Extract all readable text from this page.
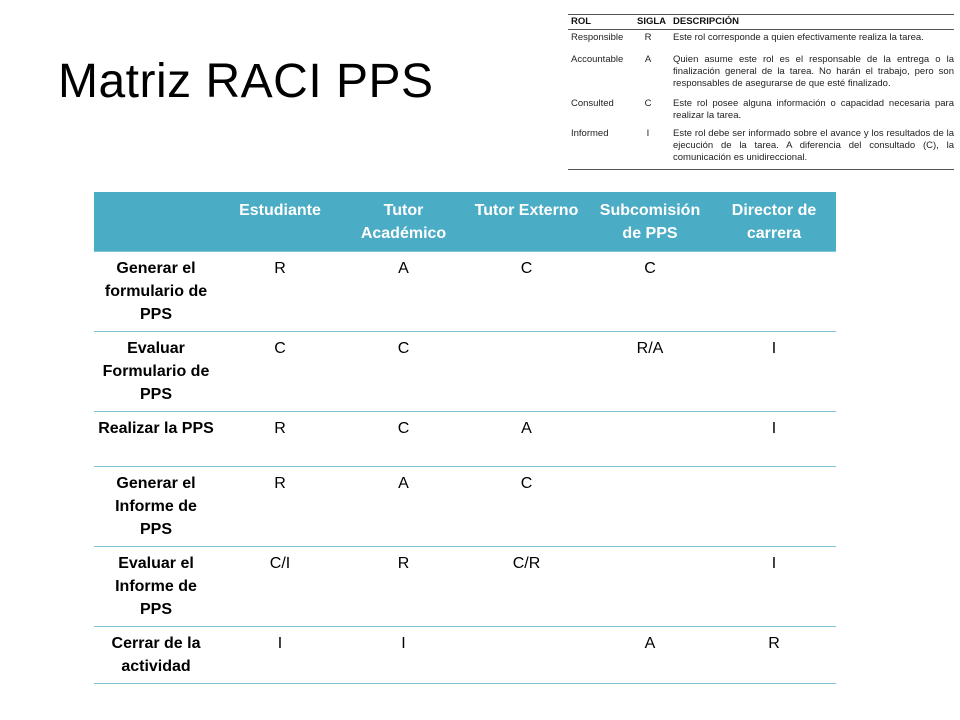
Matriz RACI PPS
ROL	SIGLA DESCRIPCIÓN
Responsible	R	Este rol corresponde a quien efectivamente realiza la tarea.
Accountable	A	Quien asume este rol es el responsable de la entrega o la finalización general de la tarea. No harán el trabajo, pero son responsables de asegurarse de que esté finalizado.
Consulted	C	Este rol posee alguna información o capacidad necesaria para realizar la tarea.
Informed	I	Este rol debe ser informado sobre el avance y los resultados de la ejecución de la tarea. A diferencia del consultado (C), la comunicación es unidireccional.
	Estudiante	Tutor Académico	Tutor Externo	Subcomisión de PPS	Director de carrera
Generar el formulario de PPS	R	A	C	C	
Evaluar Formulario de PPS	C	C		R/A	I
Realizar la PPS	R	C	A		I
Generar el Informe de PPS	R	A	C		
Evaluar el Informe de PPS	C/I	R	C/R		I
Cerrar de la actividad	I	I		A	R
